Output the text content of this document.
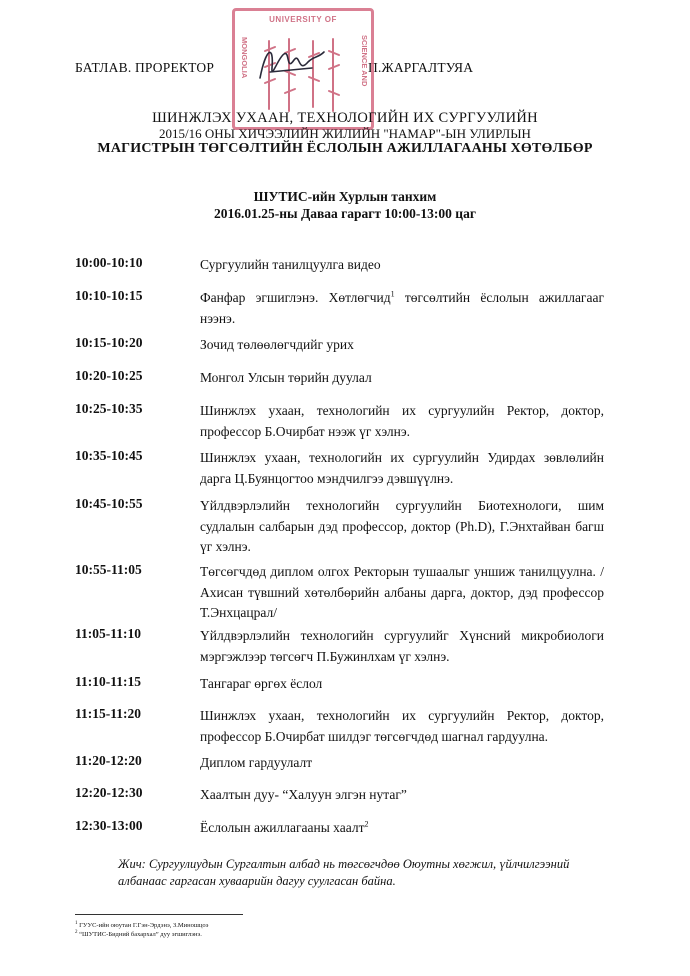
БАТЛАВ. ПРОРЕКТОР	П.ЖАРГАЛТУЯА
UNIVERSITY OF
MONGOLIA	SCIENCE AND
ШИНЖЛЭХ УХААН, ТЕХНОЛОГИЙН ИХ СУРГУУЛИЙН
2015/16 ОНЫ ХИЧЭЭЛИЙН ЖИЛИЙН "НАМАР"-ЫН УЛИРЛЫН
МАГИСТРЫН ТӨГСӨЛТИЙН ЁСЛОЛЫН АЖИЛЛАГААНЫ ХӨТӨЛБӨР
ШУТИС-ийн Хурлын танхим
2016.01.25-ны Даваа гарагт 10:00-13:00 цаг
10:00-10:10	Сургуулийн танилцуулга видео
10:10-10:15	Фанфар эгшиглэнэ. Хөтлөгчид$^1$ төгсөлтийн ёслолын ажиллагааг нээнэ.
10:15-10:20	Зочид төлөөлөгчдийг урих
10:20-10:25	Монгол Улсын төрийн дуулал
10:25-10:35	Шинжлэх ухаан, технологийн их сургуулийн Ректор, доктор, профессор Б.Очирбат нээж үг хэлнэ.
10:35-10:45	Шинжлэх ухаан, технологийн их сургуулийн Удирдах зөвлөлийн дарга Ц.Буянцогтоо мэндчилгээ дэвшүүлнэ.
10:45-10:55	Үйлдвэрлэлийн технологийн сургуулийн Биотехнологи, шим судлалын салбарын дэд профессор, доктор (Ph.D), Г.Энхтайван багш үг хэлнэ.
10:55-11:05	Төгсөгчдөд диплом олгох Ректорын тушаалыг уншиж танилцуулна. /Ахисан түвшний хөтөлбөрийн албаны дарга, доктор, дэд профессор Т.Энхцацрал/
11:05-11:10	Үйлдвэрлэлийн технологийн сургуулийг Хүнсний микробиологи мэргэжлээр төгсөгч П.Бужинлхам үг хэлнэ.
11:10-11:15	Тангараг өргөх ёслол
11:15-11:20	Шинжлэх ухаан, технологийн их сургуулийн Ректор, доктор, профессор Б.Очирбат шилдэг төгсөгчдөд шагнал гардуулна.
11:20-12:20	Диплом гардуулалт
12:20-12:30	Хаалтын дуу- “Халуун элгэн нутаг”
12:30-13:00	Ёслолын ажиллагааны хаалт$^2$
Жич: Сургуулиудын Сургалтын албад нь төгсөгчдөө Оюутны хөгжил, үйлчилгээний албанаас гаргасан хуваарийн дагуу суулгасан байна.
$^1$ ГУУС-ийн оюутан Г.Гэн-Эрдэнэ, З.Миношцоэ
$^2$ “ШУТИС-Бидний бахархал” дуу эгшиглэнэ.
